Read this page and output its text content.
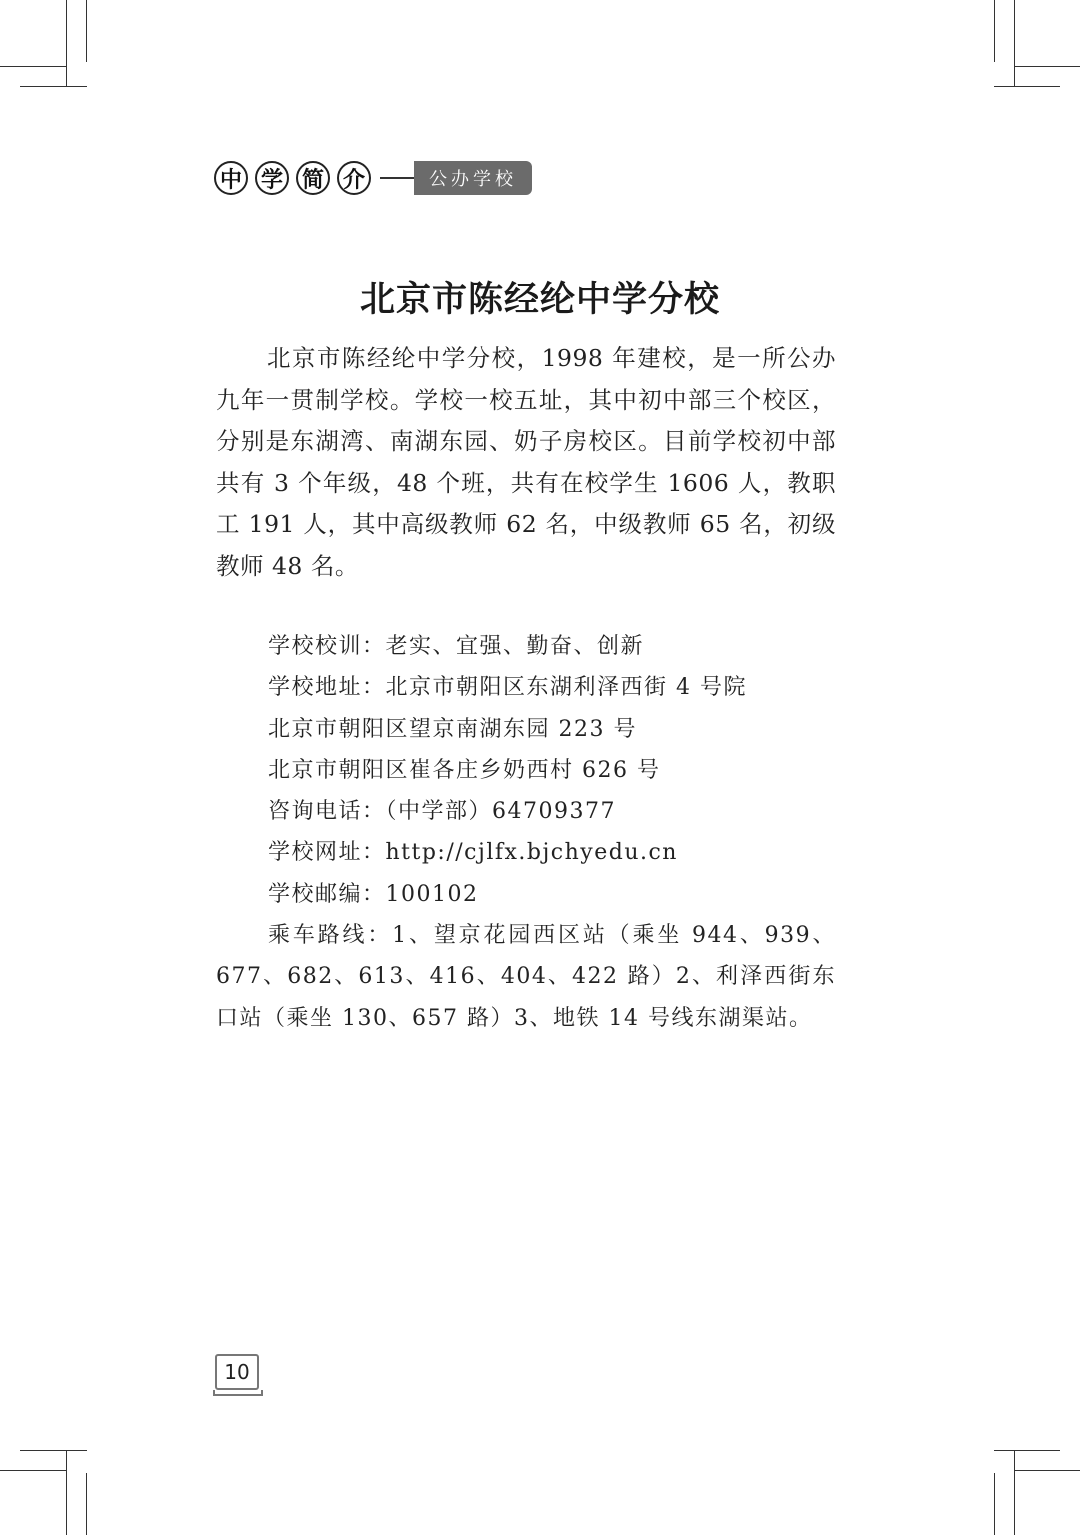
中 学 简 介	公办学校
北京市陈经纶中学分校
北京市陈经纶中学分校，1998 年建校，是一所公办九年一贯制学校。学校一校五址，其中初中部三个校区，分别是东湖湾、南湖东园、奶子房校区。目前学校初中部共有 3 个年级，48 个班，共有在校学生 1606 人，教职工 191 人，其中高级教师 62 名，中级教师 65 名，初级教师 48 名。
学校校训：老实、宜强、勤奋、创新
学校地址：北京市朝阳区东湖利泽西街 4 号院
北京市朝阳区望京南湖东园 223 号
北京市朝阳区崔各庄乡奶西村 626 号
咨询电话：（中学部）64709377
学校网址：http://cjlfx.bjchyedu.cn
学校邮编：100102
乘车路线：1、望京花园西区站（乘坐 944、939、677、682、613、416、404、422 路）2、利泽西街东口站（乘坐 130、657 路）3、地铁 14 号线东湖渠站。
10
